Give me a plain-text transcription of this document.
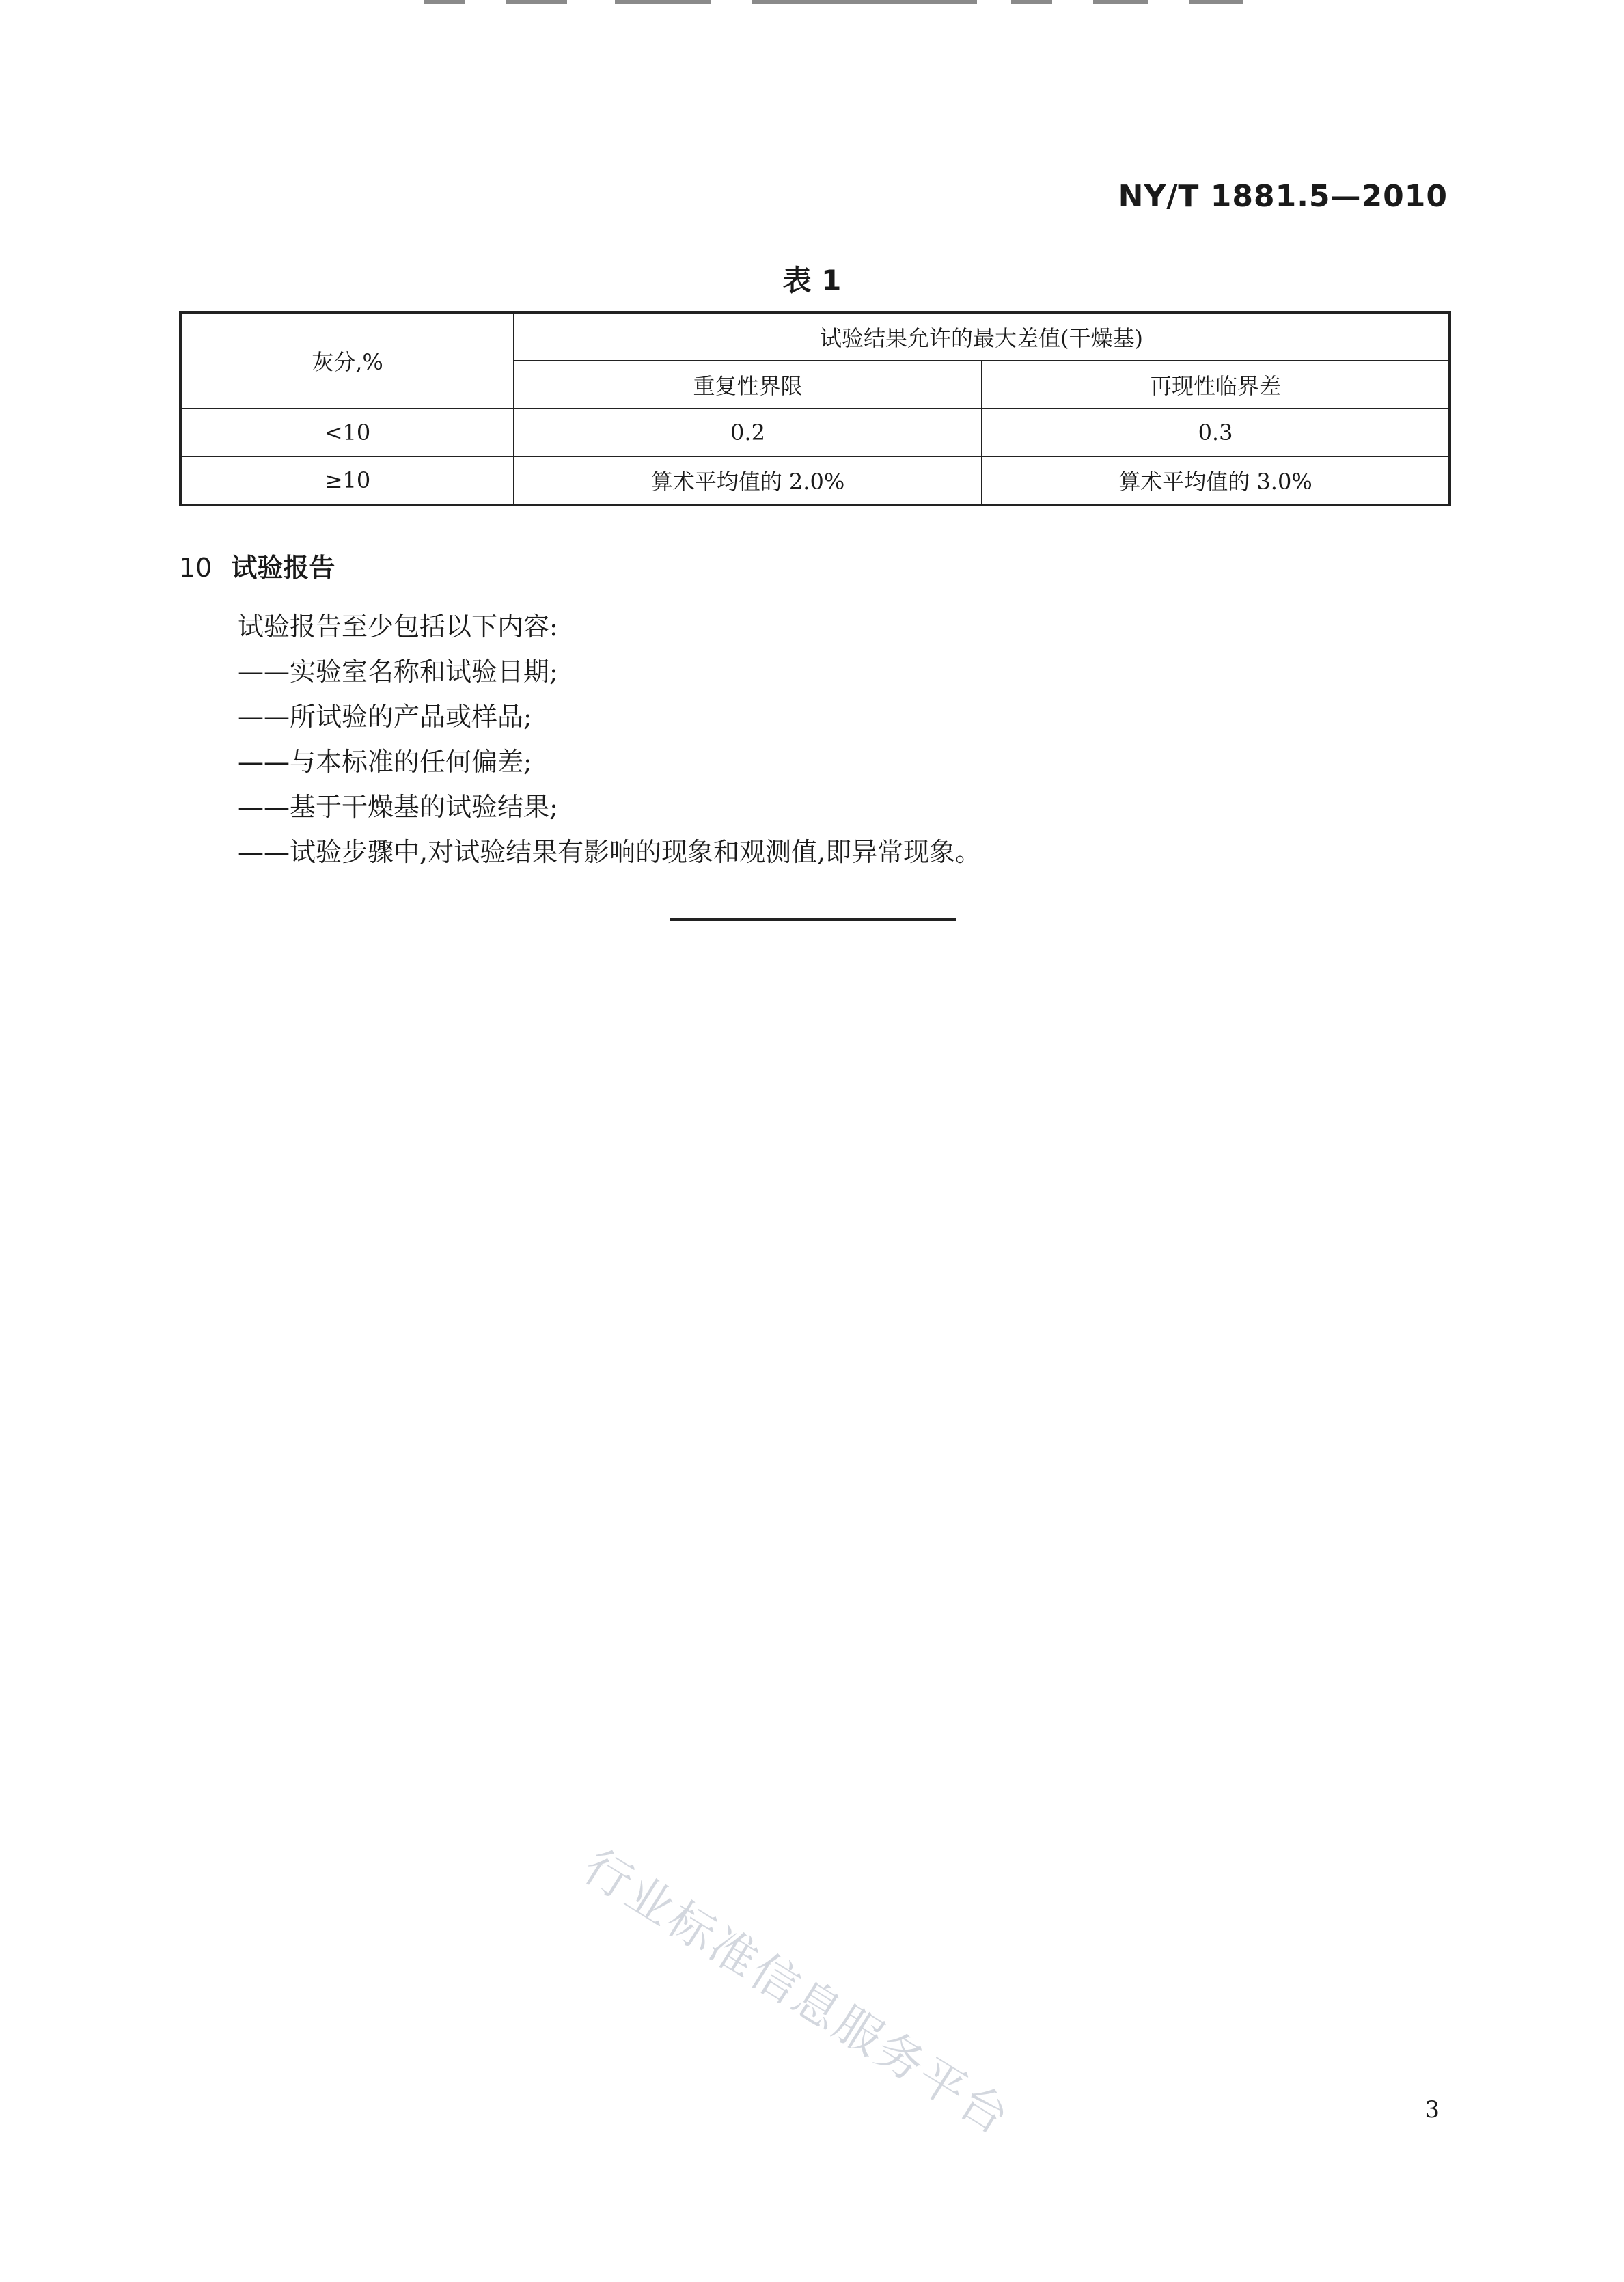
NY/T 1881.5—2010
表 1
灰分,%	试验结果允许的最大差值(干燥基)	
	重复性界限	再现性临界差
<10	0.2	0.3
≥10	算术平均值的 2.0%	算术平均值的 3.0%
10 试验报告
试验报告至少包括以下内容:
——实验室名称和试验日期;
——所试验的产品或样品;
——与本标准的任何偏差;
——基于干燥基的试验结果;
——试验步骤中,对试验结果有影响的现象和观测值,即异常现象。
行业标准信息服务平台	3
